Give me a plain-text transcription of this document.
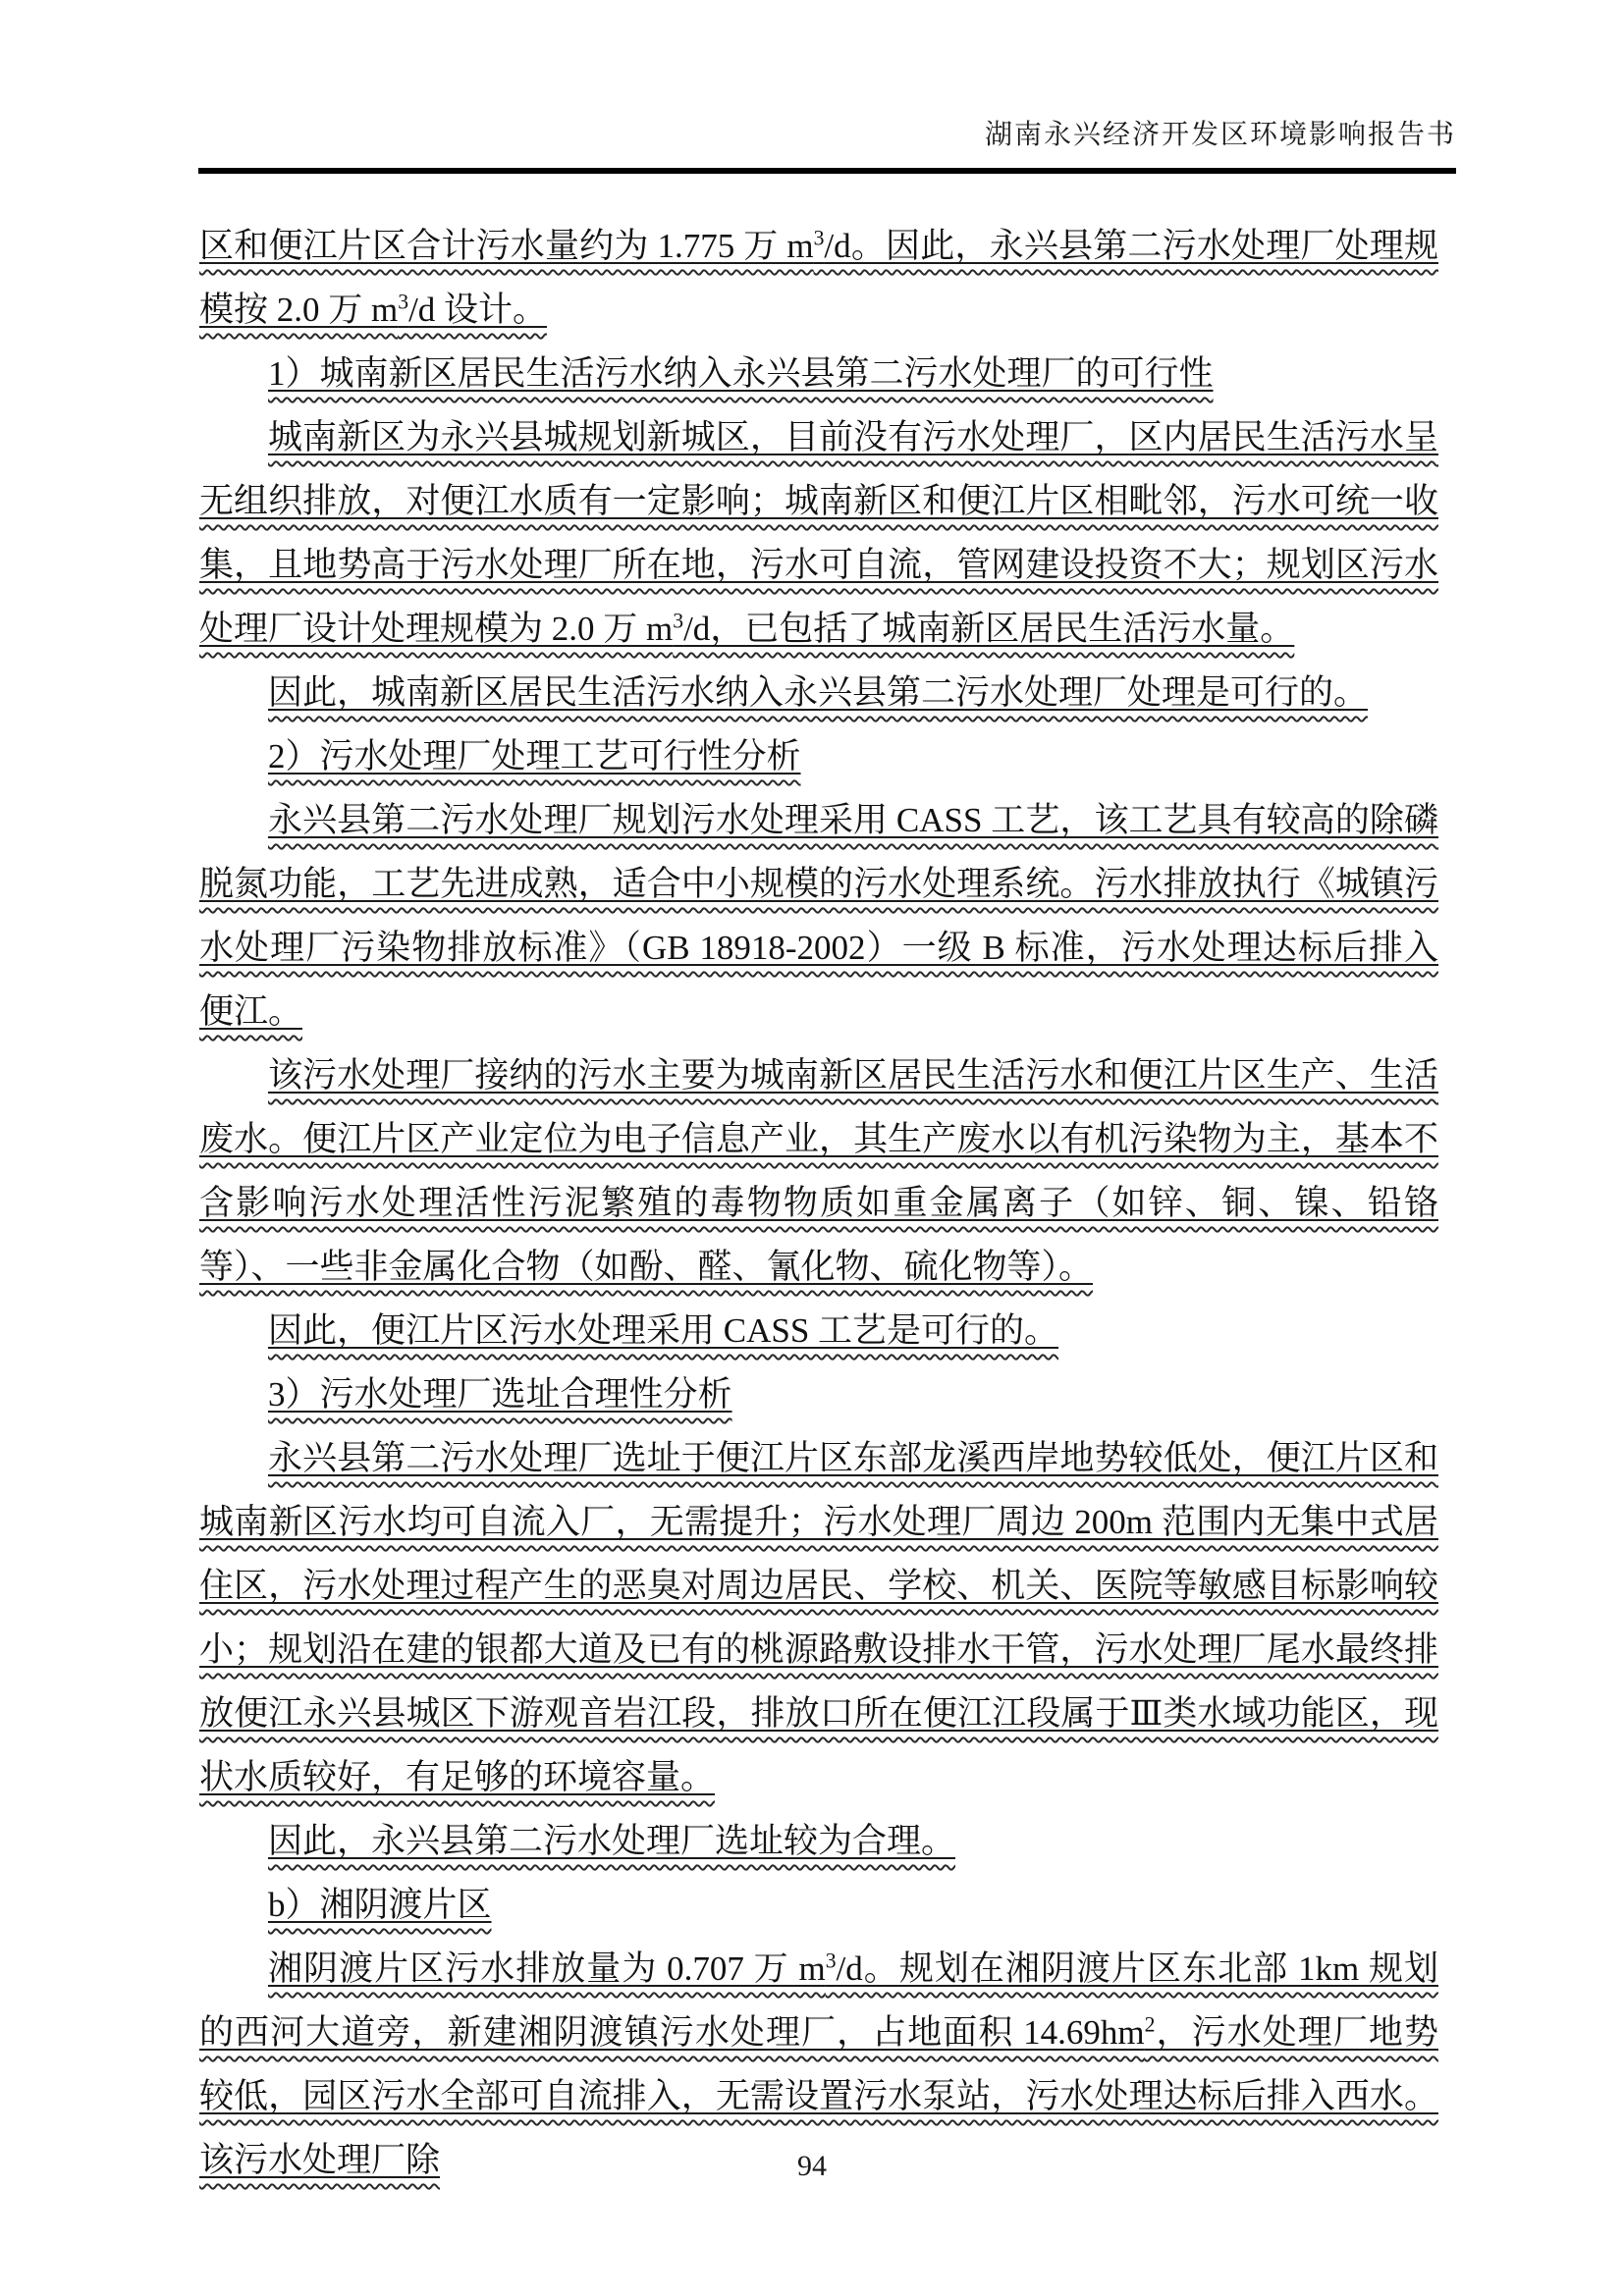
湖南永兴经济开发区环境影响报告书

区和便江片区合计污水量约为 1.775 万 $m^3/d$。因此，永兴县第二污水处理厂处理规模按 2.0 万 $m^3/d$ 设计。

1）城南新区居民生活污水纳入永兴县第二污水处理厂的可行性

城南新区为永兴县城规划新城区，目前没有污水处理厂，区内居民生活污水呈无组织排放，对便江水质有一定影响；城南新区和便江片区相毗邻，污水可统一收集，且地势高于污水处理厂所在地，污水可自流，管网建设投资不大；规划区污水处理厂设计处理规模为 2.0 万 $m^3/d$，已包括了城南新区居民生活污水量。

因此，城南新区居民生活污水纳入永兴县第二污水处理厂处理是可行的。

2）污水处理厂处理工艺可行性分析

永兴县第二污水处理厂规划污水处理采用 CASS 工艺，该工艺具有较高的除磷脱氮功能，工艺先进成熟，适合中小规模的污水处理系统。污水排放执行《城镇污水处理厂污染物排放标准》（GB 18918-2002）一级 B 标准，污水处理达标后排入便江。

该污水处理厂接纳的污水主要为城南新区居民生活污水和便江片区生产、生活废水。便江片区产业定位为电子信息产业，其生产废水以有机污染物为主，基本不含影响污水处理活性污泥繁殖的毒物物质如重金属离子（如锌、铜、镍、铅铬等）、一些非金属化合物（如酚、醛、氰化物、硫化物等）。

因此，便江片区污水处理采用 CASS 工艺是可行的。

3）污水处理厂选址合理性分析

永兴县第二污水处理厂选址于便江片区东部龙溪西岸地势较低处，便江片区和城南新区污水均可自流入厂，无需提升；污水处理厂周边 200m 范围内无集中式居住区，污水处理过程产生的恶臭对周边居民、学校、机关、医院等敏感目标影响较小；规划沿在建的银都大道及已有的桃源路敷设排水干管，污水处理厂尾水最终排放便江永兴县城区下游观音岩江段，排放口所在便江江段属于Ⅲ类水域功能区，现状水质较好，有足够的环境容量。

因此，永兴县第二污水处理厂选址较为合理。

b）湘阴渡片区

湘阴渡片区污水排放量为 0.707 万 $m^3/d$。规划在湘阴渡片区东北部 1km 规划的西河大道旁，新建湘阴渡镇污水处理厂，占地面积 $14.69hm^2$，污水处理厂地势较低，园区污水全部可自流排入，无需设置污水泵站，污水处理达标后排入西水。该污水处理厂除	94
